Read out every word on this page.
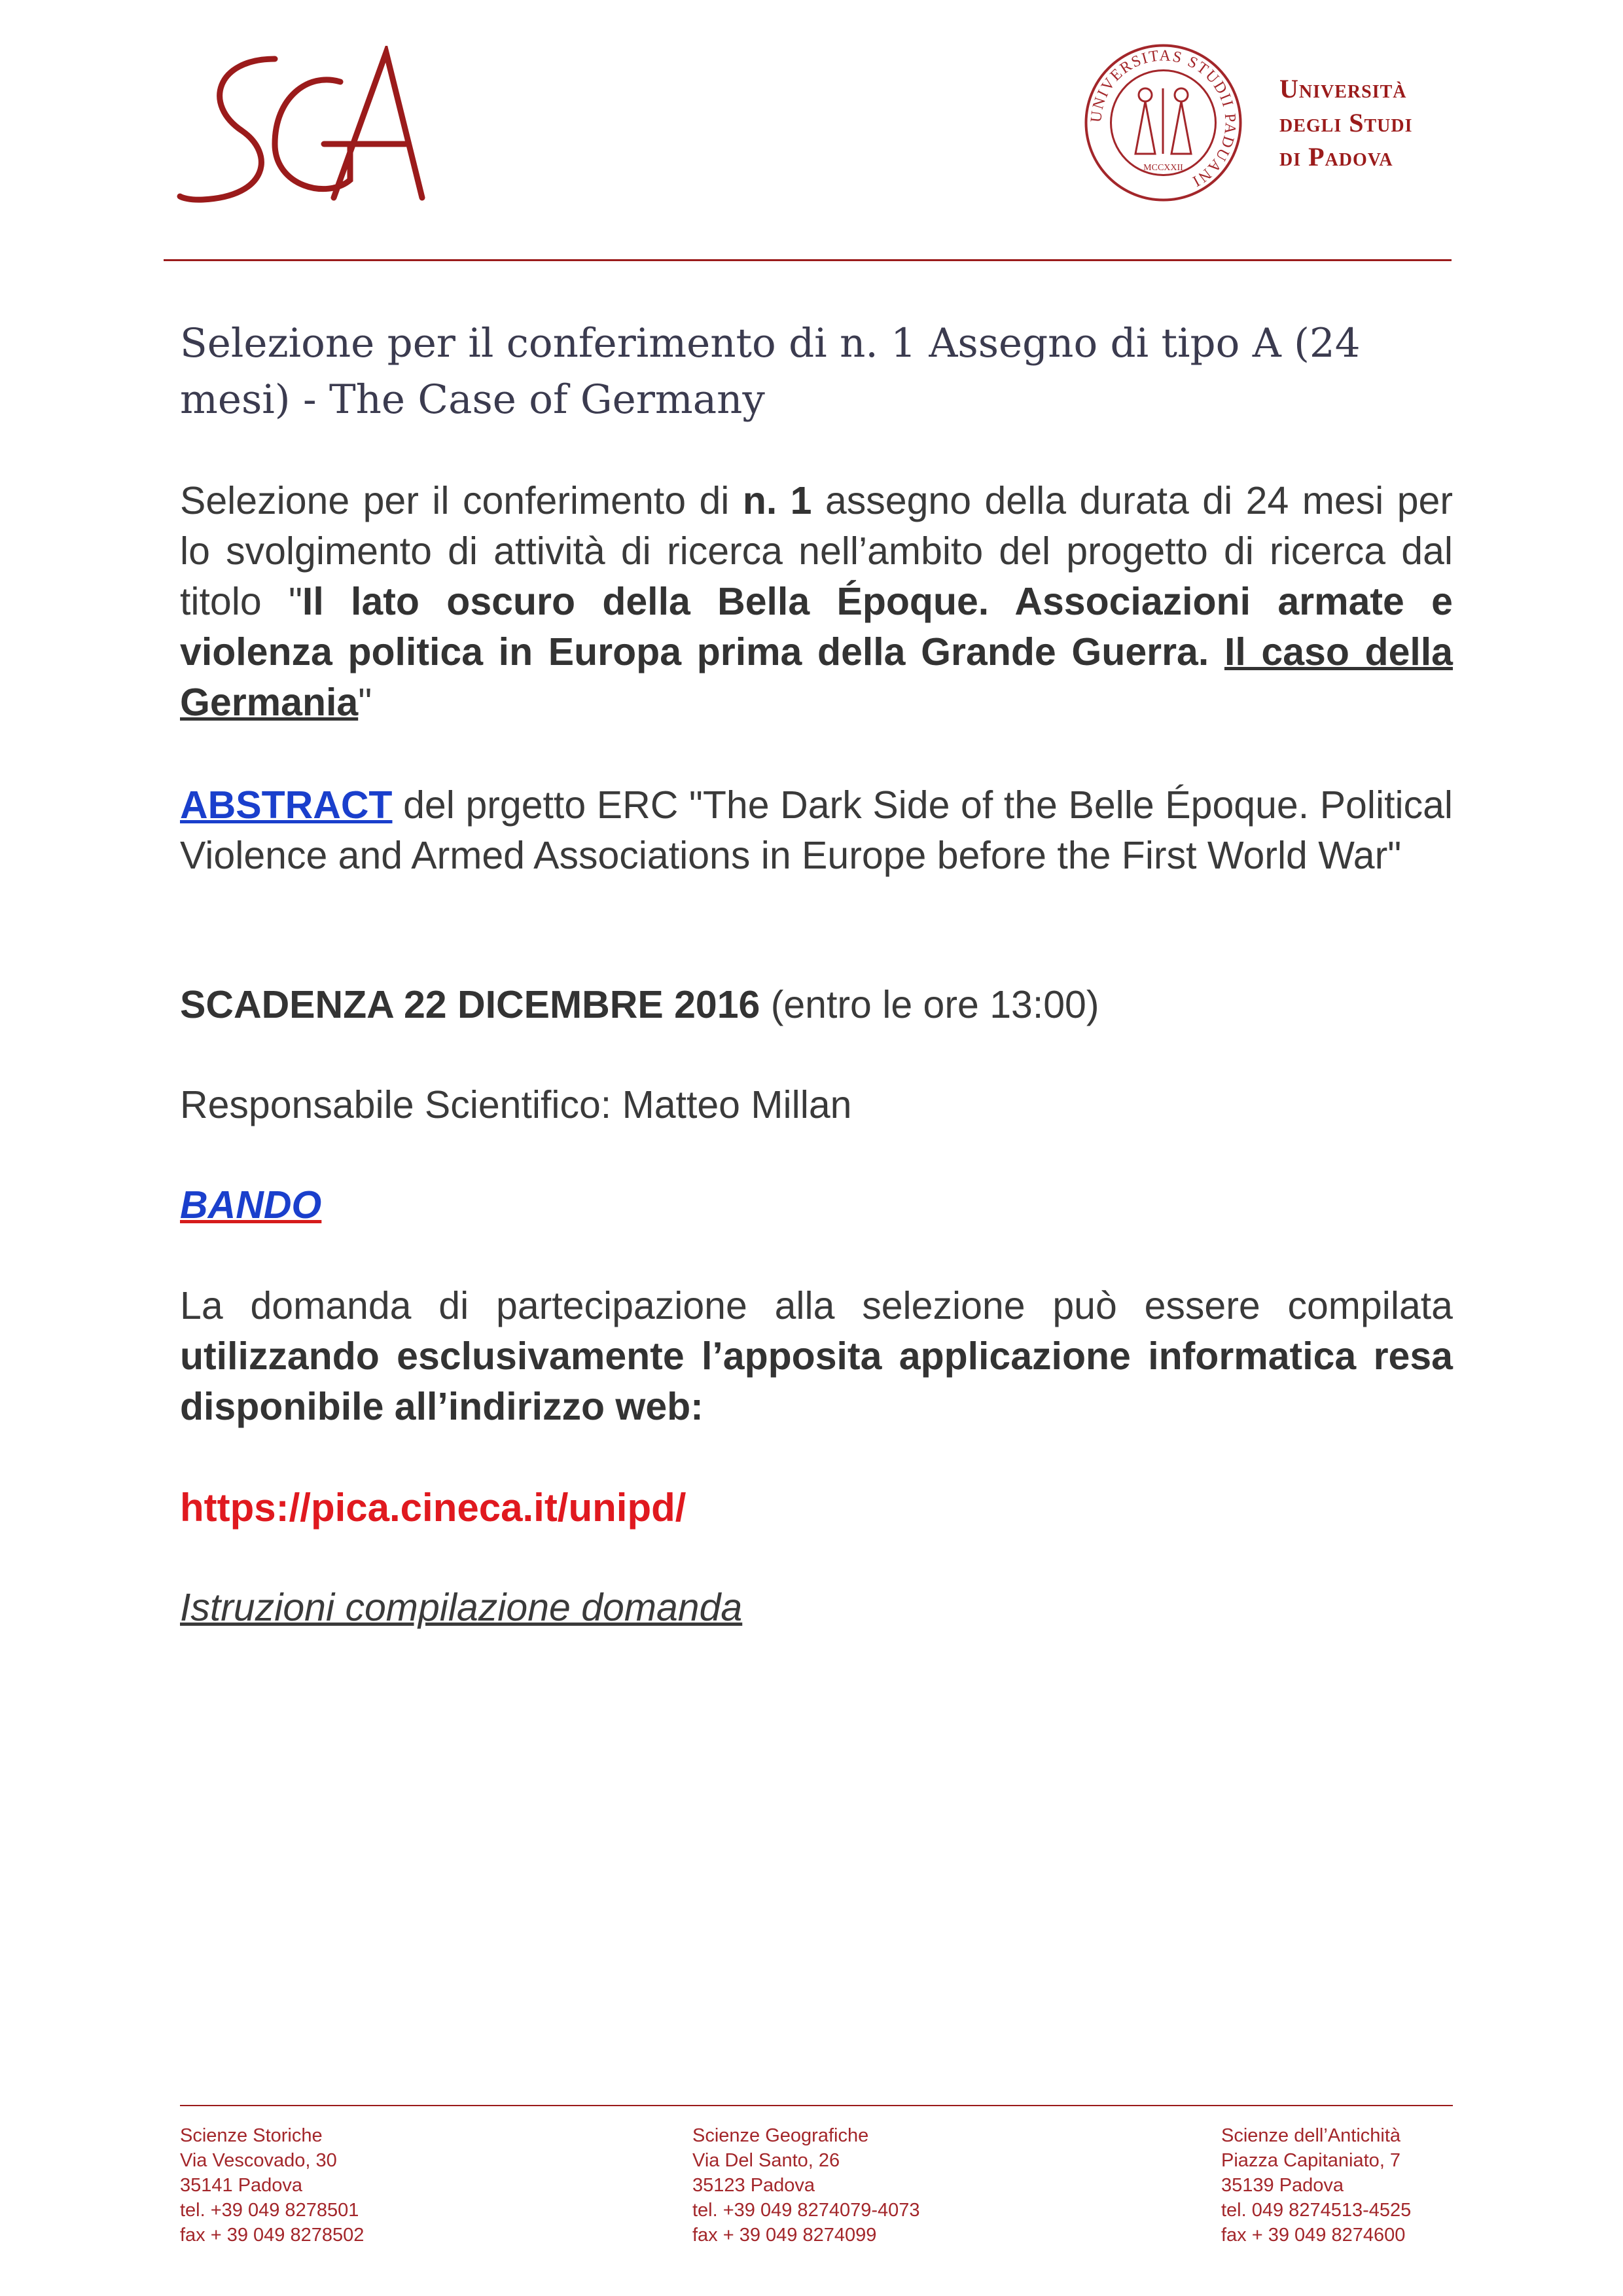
UNIVERSITAS STUDII PADUANI
MCCXXII
Università
degli Studi
di Padova
Selezione per il conferimento di n. 1 Assegno di tipo A (24 mesi) - The Case of Germany
Selezione per il conferimento di n. 1 assegno della durata di 24 mesi per lo svolgimento di attività di ricerca nell’ambito del progetto di ricerca dal titolo "Il lato oscuro della Bella Époque. Associazioni armate e violenza politica in Europa prima della Grande Guerra. Il caso della Germania"
ABSTRACT del prgetto ERC "The Dark Side of the Belle Époque. Political Violence and Armed Associations in Europe before the First World War"
SCADENZA 22 DICEMBRE 2016 (entro le ore 13:00)
Responsabile Scientifico: Matteo Millan
BANDO
La domanda di partecipazione alla selezione può essere compilata utilizzando esclusivamente l’apposita applicazione informatica resa disponibile all’indirizzo web:
https://pica.cineca.it/unipd/
Istruzioni compilazione domanda
Scienze Storiche
Via Vescovado, 30
35141 Padova
tel. +39 049 8278501
fax + 39 049 8278502
Scienze Geografiche
Via Del Santo, 26
35123 Padova
tel. +39 049 8274079-4073
fax + 39 049 8274099
Scienze dell’Antichità
Piazza Capitaniato, 7
35139 Padova
tel. 049 8274513-4525
fax + 39 049 8274600
